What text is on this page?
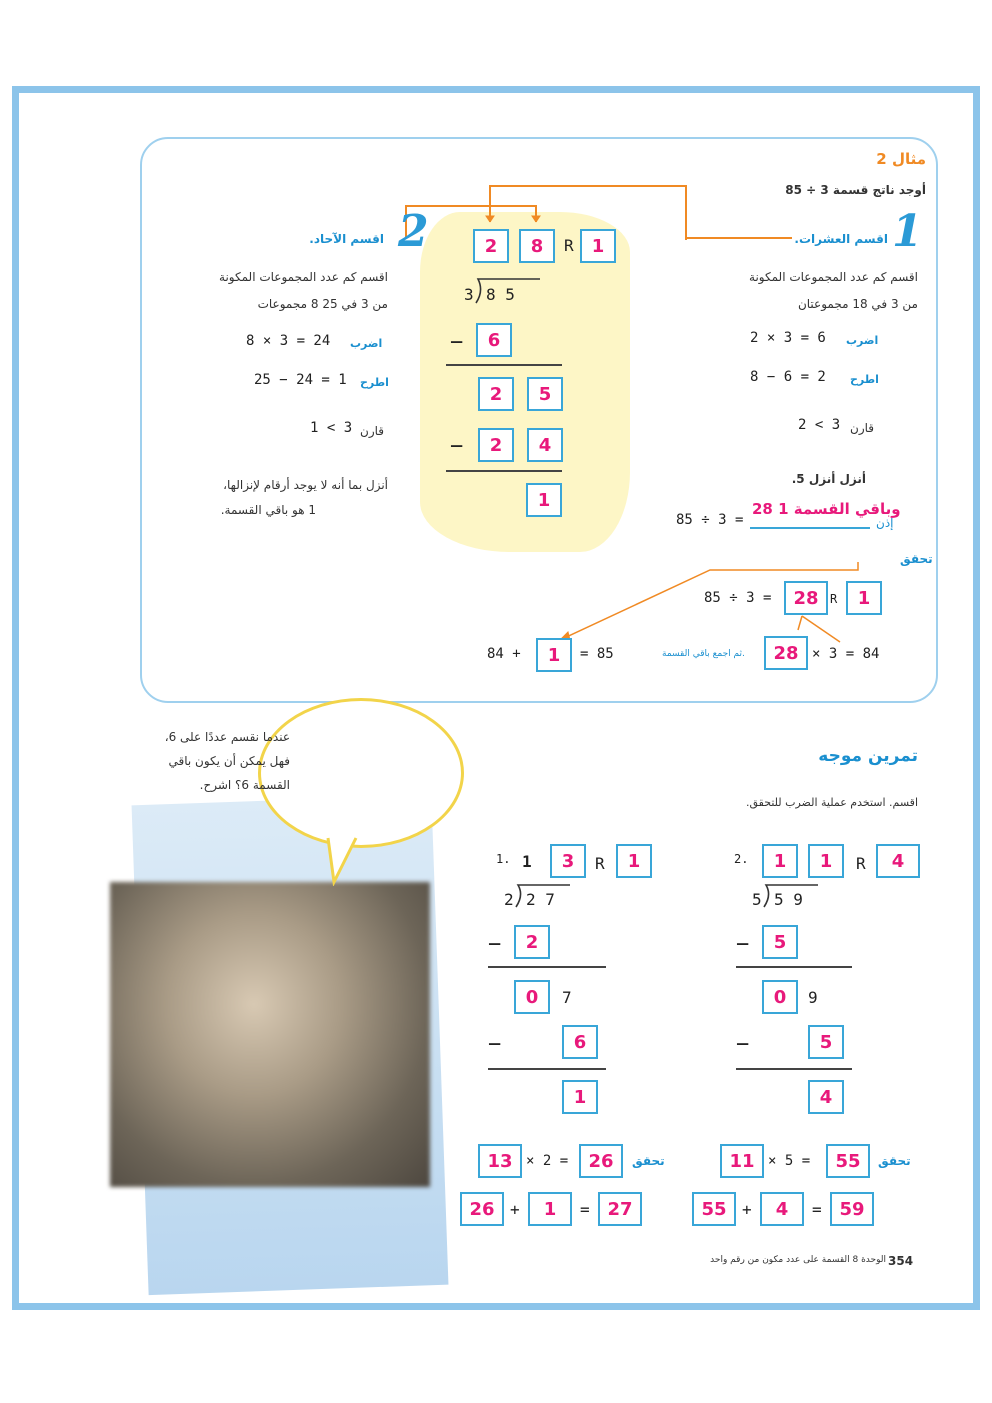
مثال 2
أوجد ناتج قسمة 3 ÷ 85
1
اقسم العشرات.
اقسم كم عدد المجموعات المكونة
من 3 في 18 مجموعتان
اضرب
2 × 3 = 6
اطرح
8 − 6 = 2
قارن
2 < 3
أنزل أنزل 5.
إذن
85 ÷ 3 =
28 وباقي القسمة 1
2
اقسم الآحاد.
اقسم كم عدد المجموعات المكونة
من 3 في 25 8 مجموعات
اضرب
8 × 3 = 24
اطرح
25 − 24 = 1
قارن
1 < 3
أنزل بما أنه لا يوجد أرقام لإنزالها،
1 هو باقي القسمة.
2	8	R	1
3 8 5
−	6
2	5
−	2	4
1
تحقق
85 ÷ 3 =	28 R	1
84 +	1	= 85	ثم اجمع باقي القسمة.	28 × 3 = 84
عندما نقسم عددًا على 6،
فهل يمكن أن يكون باقي
القسمة 6؟ اشرح.
تمرين موجه
اقسم. استخدم عملية الضرب للتحقق.
1. 1	3	R	1
2 2 7
−	2
0	7
−	6
1
13 × 2 =	26	تحقق
26 +	1	= 27
2.	1	1	R	4
5 5 9
−	5
0	9
−	5
4
11 × 5 =	55	تحقق
55 +	4	= 59
354
الوحدة 8 القسمة على عدد مكون من رقم واحد
